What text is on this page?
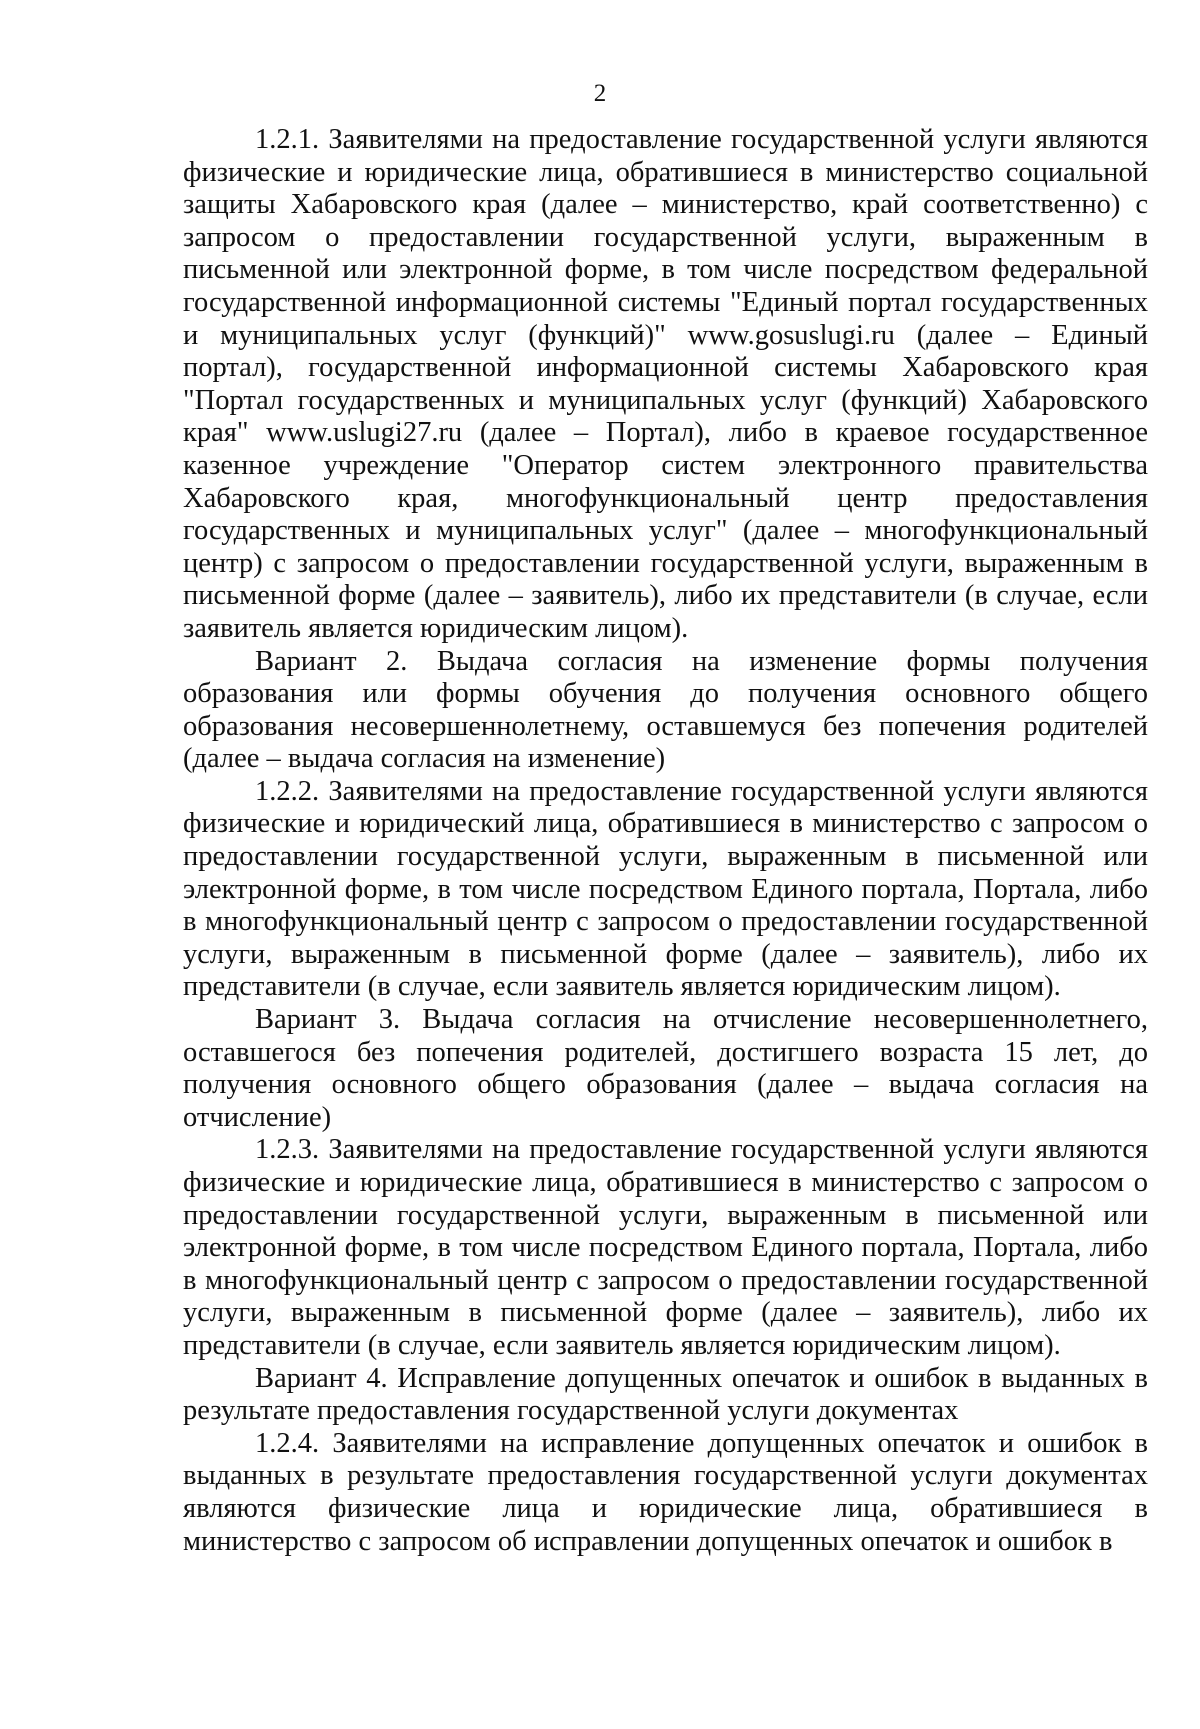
2

1.2.1. Заявителями на предоставление государственной услуги являются физические и юридические лица, обратившиеся в министерство социальной защиты Хабаровского края (далее – министерство, край соответственно) с запросом о предоставлении государственной услуги, выраженным в письменной или электронной форме, в том числе посредством федеральной государственной информационной системы "Единый портал государственных и муниципальных услуг (функций)" www.gosuslugi.ru (далее – Единый портал), государственной информационной системы Хабаровского края "Портал государственных и муниципальных услуг (функций) Хабаровского края" www.uslugi27.ru (далее – Портал), либо в краевое государственное казенное учреждение "Оператор систем электронного правительства Хабаровского края, многофункциональный центр предоставления государственных и муниципальных услуг" (далее – многофункциональный центр) с запросом о предоставлении государственной услуги, выраженным в письменной форме (далее – заявитель), либо их представители (в случае, если заявитель является юридическим лицом).

Вариант 2. Выдача согласия на изменение формы получения образования или формы обучения до получения основного общего образования несовершеннолетнему, оставшемуся без попечения родителей (далее – выдача согласия на изменение)

1.2.2. Заявителями на предоставление государственной услуги являются физические и юридический лица, обратившиеся в министерство с запросом о предоставлении государственной услуги, выраженным в письменной или электронной форме, в том числе посредством Единого портала, Портала, либо в многофункциональный центр с запросом о предоставлении государственной услуги, выраженным в письменной форме (далее – заявитель), либо их представители (в случае, если заявитель является юридическим лицом).

Вариант 3. Выдача согласия на отчисление несовершеннолетнего, оставшегося без попечения родителей, достигшего возраста 15 лет, до получения основного общего образования (далее – выдача согласия на отчисление)

1.2.3. Заявителями на предоставление государственной услуги являются физические и юридические лица, обратившиеся в министерство с запросом о предоставлении государственной услуги, выраженным в письменной или электронной форме, в том числе посредством Единого портала, Портала, либо в многофункциональный центр с запросом о предоставлении государственной услуги, выраженным в письменной форме (далее – заявитель), либо их представители (в случае, если заявитель является юридическим лицом).

Вариант 4. Исправление допущенных опечаток и ошибок в выданных в результате предоставления государственной услуги документах

1.2.4. Заявителями на исправление допущенных опечаток и ошибок в выданных в результате предоставления государственной услуги документах являются физические лица и юридические лица, обратившиеся в министерство с запросом об исправлении допущенных опечаток и ошибок в
